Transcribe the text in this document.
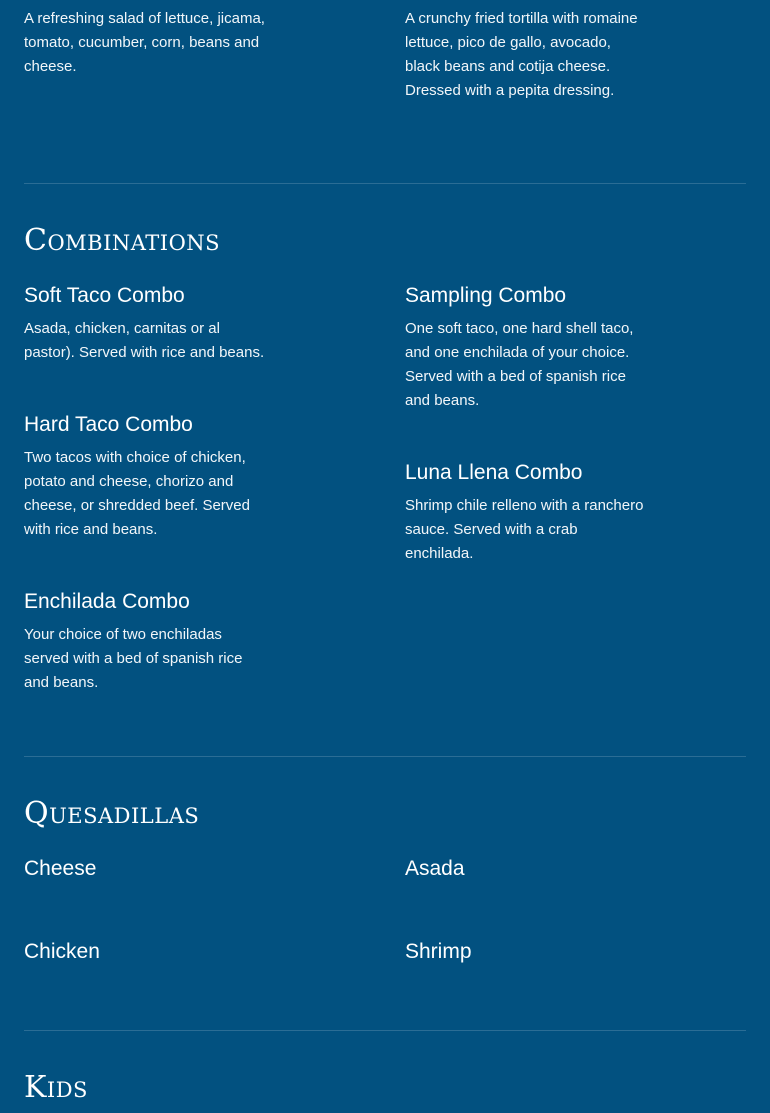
A refreshing salad of lettuce, jicama, tomato, cucumber, corn, beans and cheese.

A crunchy fried tortilla with romaine lettuce, pico de gallo, avocado, black beans and cotija cheese. Dressed with a pepita dressing.

Combinations
Soft Taco Combo

Asada, chicken, carnitas or al pastor). Served with rice and beans.

Hard Taco Combo

Two tacos with choice of chicken, potato and cheese, chorizo and cheese, or shredded beef. Served with rice and beans.

Enchilada Combo

Your choice of two enchiladas served with a bed of spanish rice and beans.

Sampling Combo

One soft taco, one hard shell taco, and one enchilada of your choice. Served with a bed of spanish rice and beans.

Luna Llena Combo

Shrimp chile relleno with a ranchero sauce. Served with a crab enchilada.

Quesadillas
Cheese
Chicken
Asada
Shrimp
Kids
